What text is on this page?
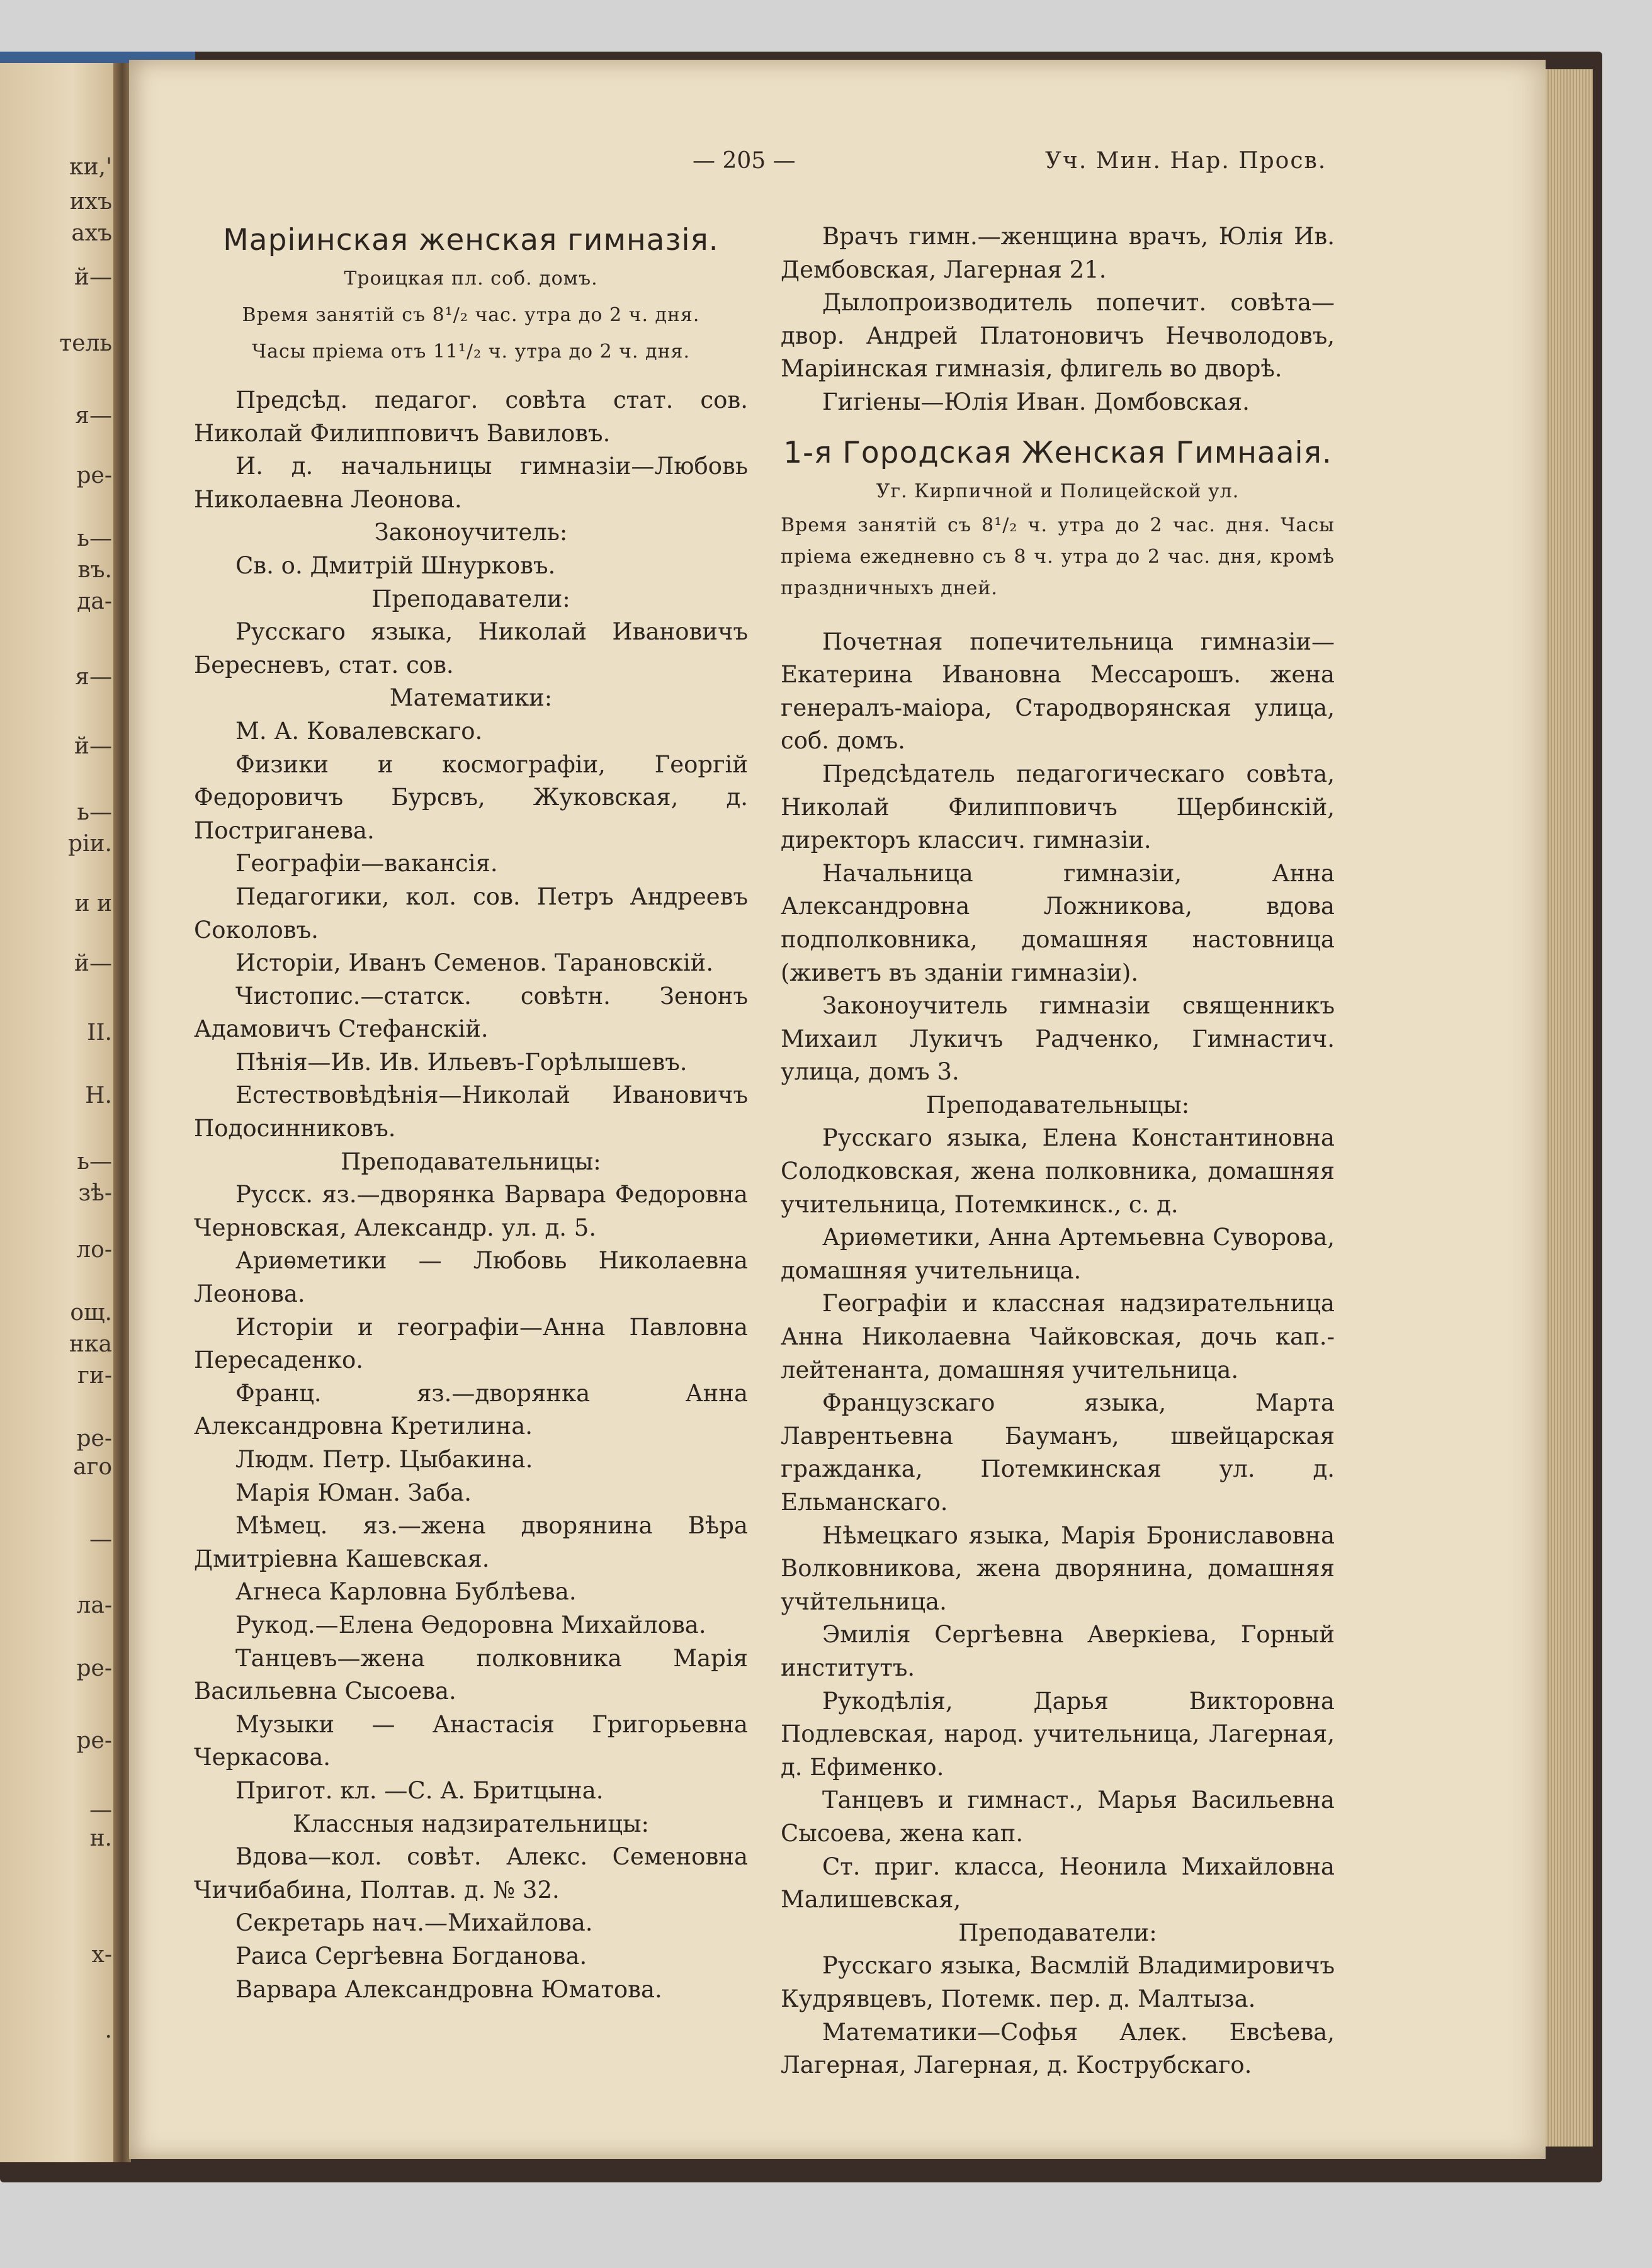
ки,'
ихъ
ахъ
й—
тель
я—
ре-
ь—
въ.
да-
я—
й—
ь—
ріи.
и и
й—
II.
Н.
ь—
зѣ-
ло-
ощ.
нка
ги-
ре-
аго
—
ла-
ре-
ре-
—
н.
х-
.
— 205 —	Уч. Мин. Нар. Просв.

Маріинская женская гимназія.

Троицкая пл. соб. домъ.

Время занятій съ 8¹/₂ час. утра до 2 ч. дня.

Часы пріема отъ 11¹/₂ ч. утра до 2 ч. дня.

Предсѣд. педагог. совѣта стат. сов. Николай Филипповичъ Вавиловъ.

И. д. начальницы гимназіи—Любовь Николаевна Леонова.

Законоучитель:

Св. о. Дмитрій Шнурковъ.

Преподаватели:

Русскаго языка, Николай Ивановичъ Бересневъ, стат. сов.

Математики:

М. А. Ковалевскаго.

Физики и космографіи, Георгій Федоровичъ Бурсвъ, Жуковская, д. Постриганева.

Географіи—вакансія.

Педагогики, кол. сов. Петръ Андреевъ Соколовъ.

Исторіи, Иванъ Семенов. Тарановскій.

Чистопис.—статск. совѣтн. Зенонъ Адамовичъ Стефанскій.

Пѣнія—Ив. Ив. Ильевъ-Горѣлышевъ.

Естествовѣдѣнія—Николай Ивановичъ Подосинниковъ.

Преподавательницы:

Русск. яз.—дворянка Варвара Федоровна Черновская, Александр. ул. д. 5.

Ариѳметики — Любовь Николаевна Леонова.

Исторіи и географіи—Анна Павловна Пересаденко.

Франц. яз.—дворянка Анна Александровна Кретилина.

Людм. Петр. Цыбакина.

Марія Юман. Заба.

Мѣмец. яз.—жена дворянина Вѣра Дмитріевна Кашевская.

Агнеса Карловна Бублѣева.

Рукод.—Елена Ѳедоровна Михайлова.

Танцевъ—жена полковника Марія Васильевна Сысоева.

Музыки — Анастасія Григорьевна Черкасова.

Пригот. кл. —С. А. Бритцына.

Классныя надзирательницы:

Вдова—кол. совѣт. Алекс. Семеновна Чичибабина, Полтав. д. № 32.

Секретарь нач.—Михайлова.

Раиса Сергѣевна Богданова.

Варвара Александровна Юматова.

Врачъ гимн.—женщина врачъ, Юлія Ив. Дембовская, Лагерная 21.

Дылопроизводитель попечит. совѣта—двор. Андрей Платоновичъ Нечволодовъ, Маріинская гимназія, флигель во дворѣ.

Гигіены—Юлія Иван. Домбовская.

1-я Городская Женская Гимнааія.

Уг. Кирпичной и Полицейской ул.

Время занятій съ 8¹/₂ ч. утра до 2 час. дня. Часы пріема ежедневно съ 8 ч. утра до 2 час. дня, кромѣ праздничныхъ дней.

Почетная попечительница гимназіи—Екатерина Ивановна Мессарошъ. жена генералъ-маіора, Стародворянская улица, соб. домъ.

Предсѣдатель педагогическаго совѣта, Николай Филипповичъ Щербинскій, директоръ классич. гимназіи.

Начальница гимназіи, Анна Александровна Ложникова, вдова подполковника, домашняя настовница (живетъ въ зданіи гимназіи).

Законоучитель гимназіи священникъ Михаил Лукичъ Радченко, Гимнастич. улица, домъ 3.

Преподавательныцы:

Русскаго языка, Елена Константиновна Солодковская, жена полковника, домашняя учительница, Потемкинск., с. д.

Ариѳметики, Анна Артемьевна Суворова, домашняя учительница.

Географіи и классная надзирательница Анна Николаевна Чайковская, дочь кап.-лейтенанта, домашняя учительница.

Французскаго языка, Марта Лаврентьевна Бауманъ, швейцарская гражданка, Потемкинская ул. д. Ельманскаго.

Нѣмецкаго языка, Марія Брониславовна Волковникова, жена дворянина, домашняя учйтельница.

Эмилія Сергѣевна Аверкіева, Горный институтъ.

Рукодѣлія, Дарья Викторовна Подлевская, народ. учительница, Лагерная, д. Ефименко.

Танцевъ и гимнаст., Марья Васильевна Сысоева, жена кап.

Ст. приг. класса, Неонила Михайловна Малишевская,

Преподаватели:

Русскаго языка, Васмлій Владимировичъ Кудрявцевъ, Потемк. пер. д. Малтыза.

Математики—Софья Алек. Евсѣева, Лагерная, Лагерная, д. Кострубскаго.
